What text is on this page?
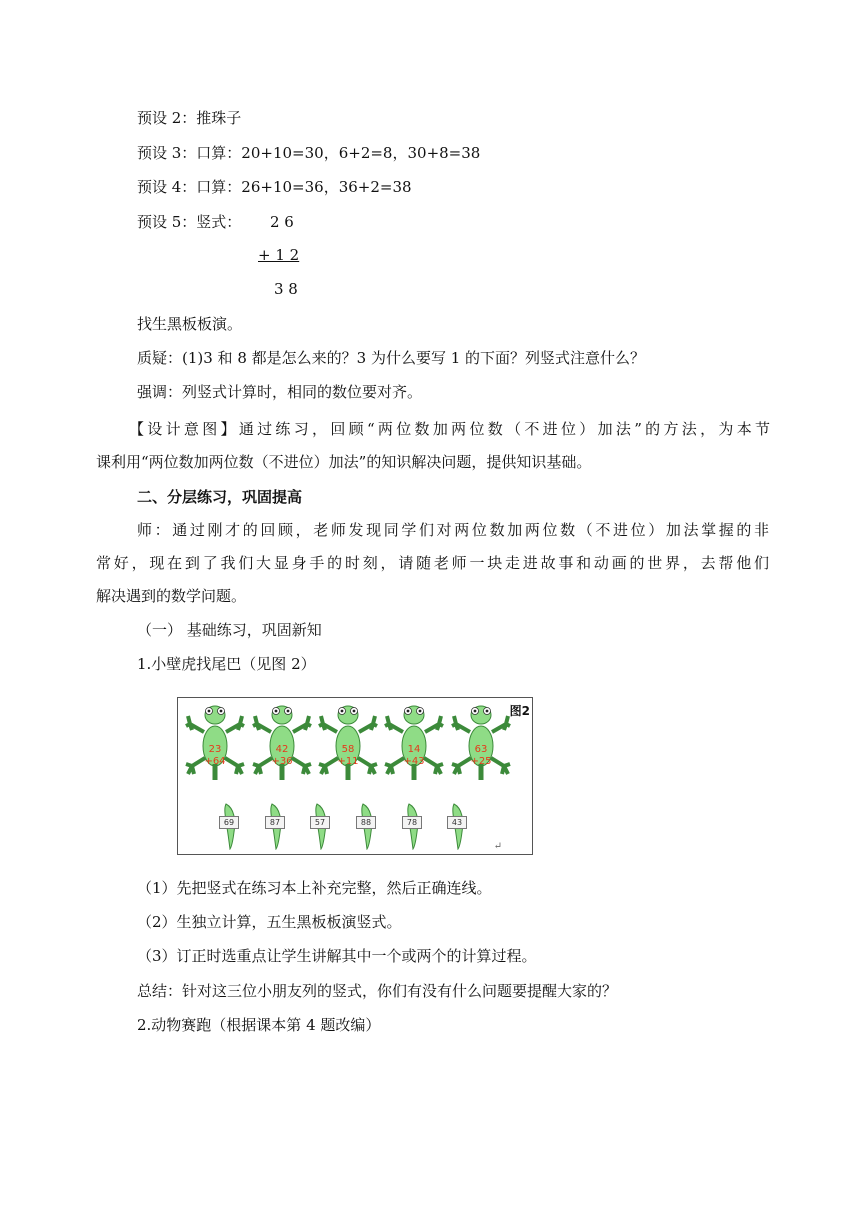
预设 2：推珠子
预设 3：口算：20+10=30，6+2=8，30+8=38
预设 4：口算：26+10=36，36+2=38
预设 5：竖式： 2 6
+ 1 2
3 8
找生黑板板演。
质疑：(1)3 和 8 都是怎么来的？3 为什么要写 1 的下面？列竖式注意什么？
强调：列竖式计算时，相同的数位要对齐。
【设计意图】通过练习，回顾“两位数加两位数（不进位）加法”的方法，为本节
课利用“两位数加两位数（不进位）加法”的知识解决问题，提供知识基础。
二、分层练习，巩固提高
师：通过刚才的回顾，老师发现同学们对两位数加两位数（不进位）加法掌握的非
常好，现在到了我们大显身手的时刻，请随老师一块走进故事和动画的世界，去帮他们
解决遇到的数学问题。
（一） 基础练习，巩固新知
1.小壁虎找尾巴（见图 2）
图2
23
+64
42
+36
58
+11
14
+43
63
+25
69	87	57	88	78	43
↵
（1）先把竖式在练习本上补充完整，然后正确连线。
（2）生独立计算，五生黑板板演竖式。
（3）订正时选重点让学生讲解其中一个或两个的计算过程。
总结：针对这三位小朋友列的竖式，你们有没有什么问题要提醒大家的？
2.动物赛跑（根据课本第 4 题改编）
